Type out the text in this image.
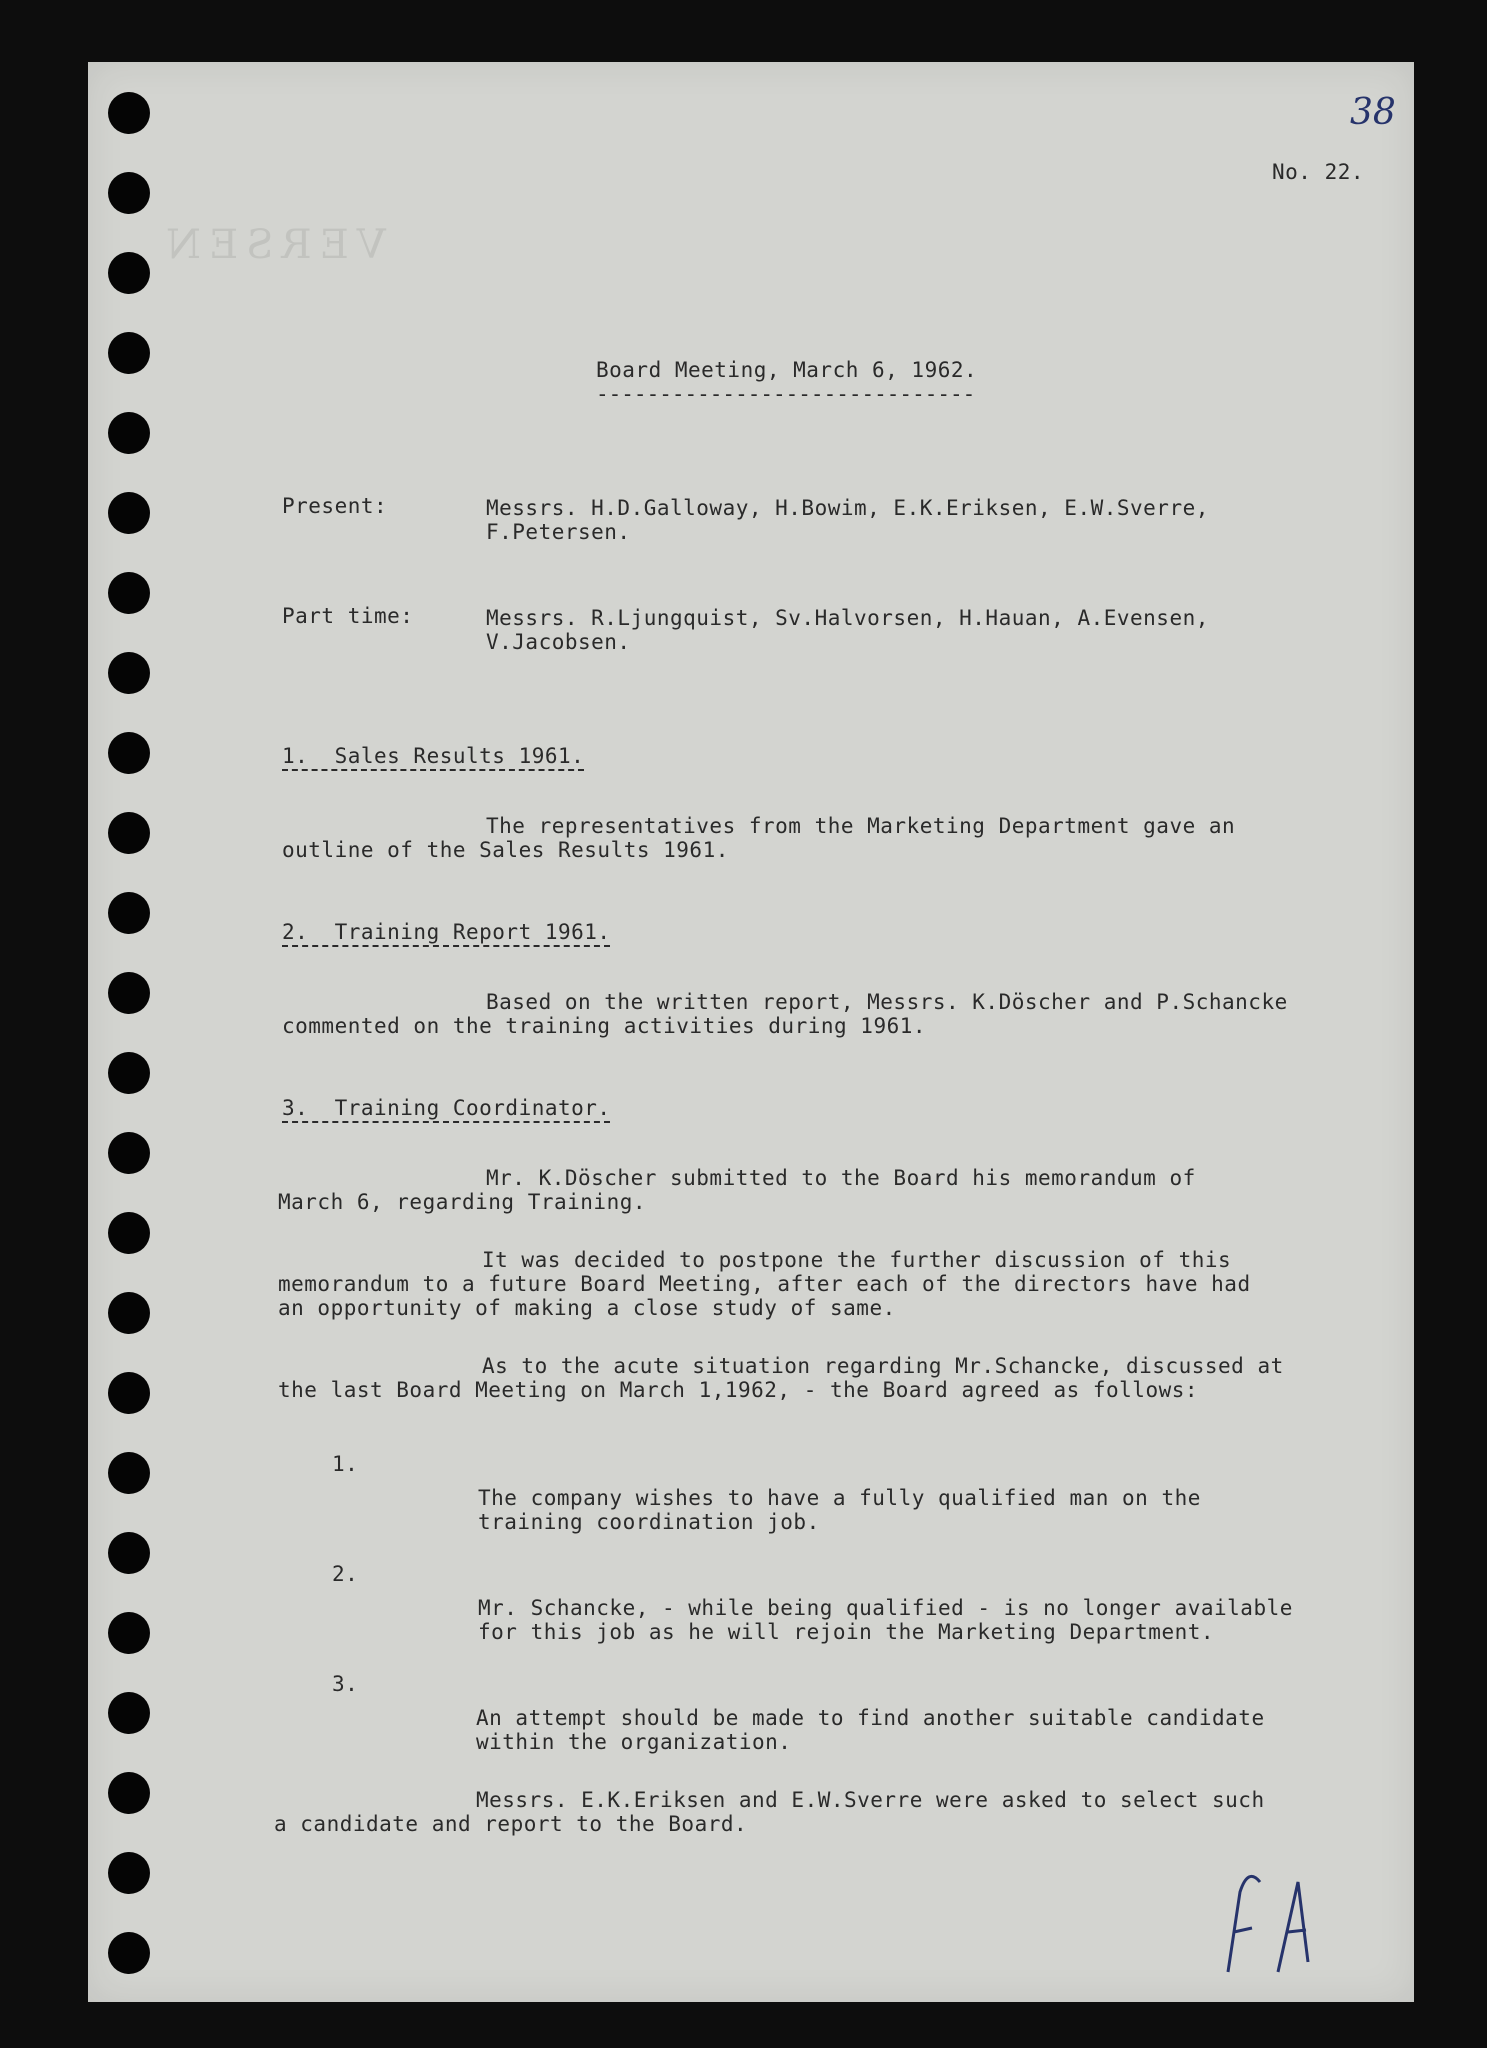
VERSEN
38
No. 22.
Board Meeting, March 6, 1962.
------------------------------
Present:	Messrs. H.D.Galloway, H.Bowim, E.K.Eriksen, E.W.Sverre,
F.Petersen.
Part time:	Messrs. R.Ljungquist, Sv.Halvorsen, H.Hauan, A.Evensen,
V.Jacobsen.
1.  Sales Results 1961.
The representatives from the Marketing Department gave an
outline of the Sales Results 1961.
2.  Training Report 1961.
Based on the written report, Messrs. K.Döscher and P.Schancke
commented on the training activities during 1961.
3.  Training Coordinator.
Mr. K.Döscher submitted to the Board his memorandum of
March 6, regarding Training.
It was decided to postpone the further discussion of this
memorandum to a future Board Meeting, after each of the directors have had
an opportunity of making a close study of same.
As to the acute situation regarding Mr.Schancke, discussed at
the last Board Meeting on March 1,1962, - the Board agreed as follows:
1.
The company wishes to have a fully qualified man on the
training coordination job.
2.
Mr. Schancke, - while being qualified - is no longer available
for this job as he will rejoin the Marketing Department.
3.
An attempt should be made to find another suitable candidate
within the organization.
Messrs. E.K.Eriksen and E.W.Sverre were asked to select such
a candidate and report to the Board.
